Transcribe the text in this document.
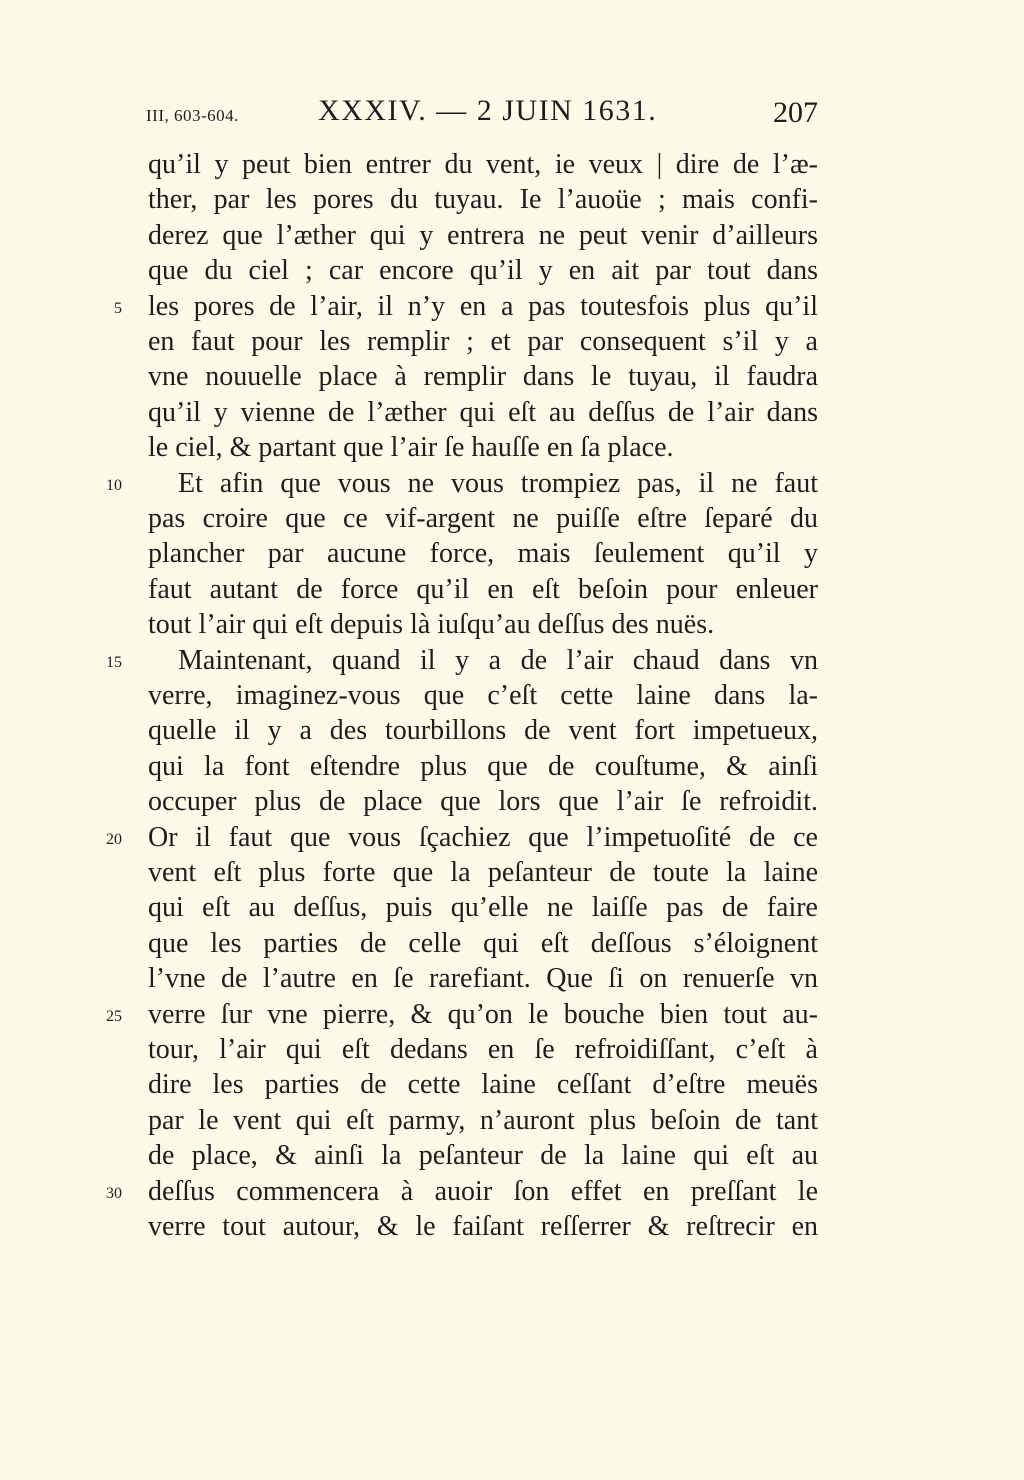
III, 603-604.	XXXIV. — 2 JUIN 1631.	207
qu’il y peut bien entrer du vent, ie veux | dire de l’æ-
ther, par les pores du tuyau. Ie l’auoüe ; mais confi-
derez que l’æther qui y entrera ne peut venir d’ailleurs
que du ciel ; car encore qu’il y en ait par tout dans
les pores de l’air, il n’y en a pas toutesfois plus qu’il
5
en faut pour les remplir ; et par consequent s’il y a
vne nouuelle place à remplir dans le tuyau, il faudra
qu’il y vienne de l’æther qui eſt au deſſus de l’air dans
le ciel, & partant que l’air ſe hauſſe en ſa place.
Et afin que vous ne vous trompiez pas, il ne faut
10
pas croire que ce vif-argent ne puiſſe eſtre ſeparé du
plancher par aucune force, mais ſeulement qu’il y
faut autant de force qu’il en eſt beſoin pour enleuer
tout l’air qui eſt depuis là iuſqu’au deſſus des nuës.
Maintenant, quand il y a de l’air chaud dans vn
15
verre, imaginez-vous que c’eſt cette laine dans la-
quelle il y a des tourbillons de vent fort impetueux,
qui la font eſtendre plus que de couſtume, & ainſi
occuper plus de place que lors que l’air ſe refroidit.
Or il faut que vous ſçachiez que l’impetuoſité de ce
20
vent eſt plus forte que la peſanteur de toute la laine
qui eſt au deſſus, puis qu’elle ne laiſſe pas de faire
que les parties de celle qui eſt deſſous s’éloignent
l’vne de l’autre en ſe rarefiant. Que ſi on renuerſe vn
verre ſur vne pierre, & qu’on le bouche bien tout au-
25
tour, l’air qui eſt dedans en ſe refroidiſſant, c’eſt à
dire les parties de cette laine ceſſant d’eſtre meuës
par le vent qui eſt parmy, n’auront plus beſoin de tant
de place, & ainſi la peſanteur de la laine qui eſt au
deſſus commencera à auoir ſon effet en preſſant le
30
verre tout autour, & le faiſant reſſerrer & reſtrecir en
